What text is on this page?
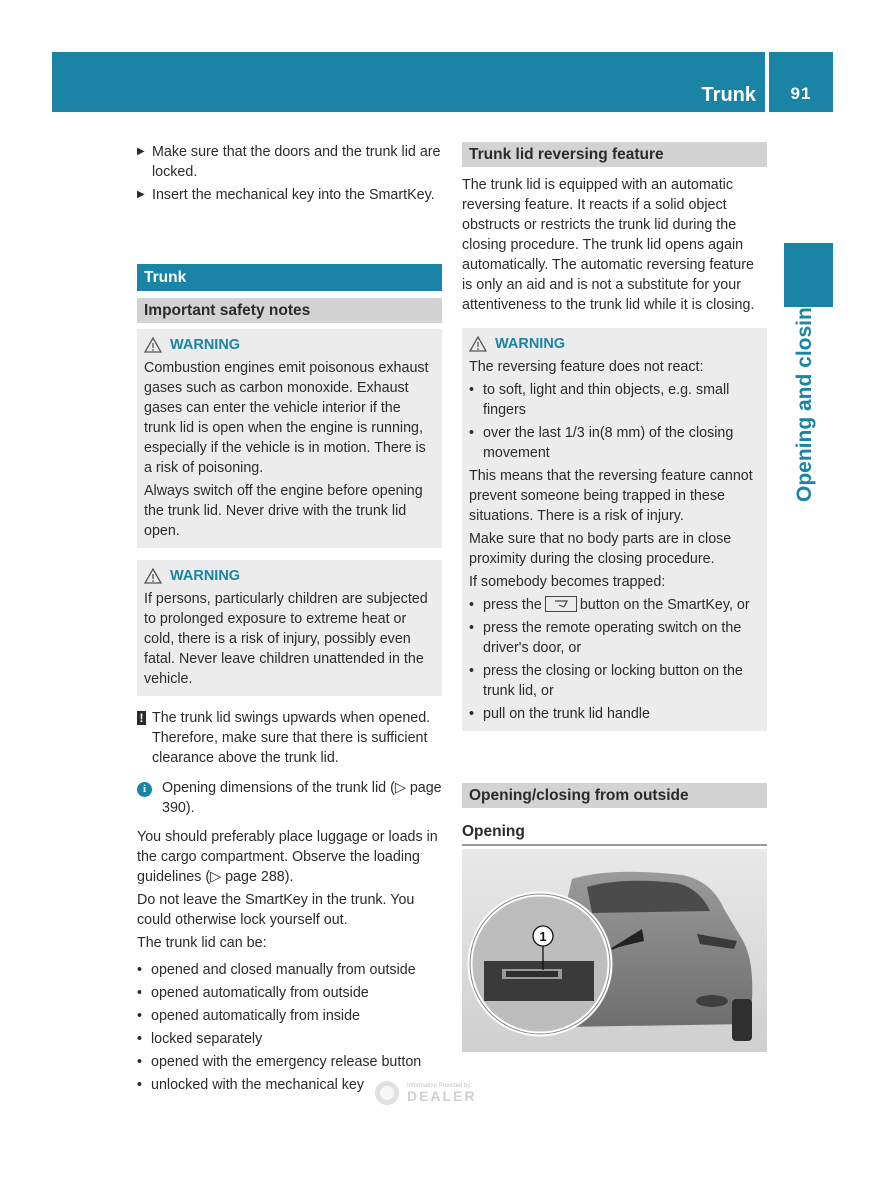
Trunk	91
Opening and closing
▶ Make sure that the doors and the trunk lid are locked.
▶ Insert the mechanical key into the SmartKey.
Trunk
Important safety notes
WARNING
Combustion engines emit poisonous exhaust gases such as carbon monoxide. Exhaust gases can enter the vehicle interior if the trunk lid is open when the engine is running, especially if the vehicle is in motion. There is a risk of poisoning.
Always switch off the engine before opening the trunk lid. Never drive with the trunk lid open.
WARNING
If persons, particularly children are subjected to prolonged exposure to extreme heat or cold, there is a risk of injury, possibly even fatal. Never leave children unattended in the vehicle.
! The trunk lid swings upwards when opened. Therefore, make sure that there is sufficient clearance above the trunk lid.
i	Opening dimensions of the trunk lid (▷ page 390).
You should preferably place luggage or loads in the cargo compartment. Observe the loading guidelines (▷ page 288).
Do not leave the SmartKey in the trunk. You could otherwise lock yourself out.
The trunk lid can be:
• opened and closed manually from outside
• opened automatically from outside
• opened automatically from inside
• locked separately
• opened with the emergency release button
• unlocked with the mechanical key
Trunk lid reversing feature
The trunk lid is equipped with an automatic reversing feature. It reacts if a solid object obstructs or restricts the trunk lid during the closing procedure. The trunk lid opens again automatically. The automatic reversing feature is only an aid and is not a substitute for your attentiveness to the trunk lid while it is closing.
WARNING
The reversing feature does not react:
• to soft, light and thin objects, e.g. small fingers
• over the last 1/3 in(8 mm) of the closing movement
This means that the reversing feature cannot prevent someone being trapped in these situations. There is a risk of injury.
Make sure that no body parts are in close proximity during the closing procedure.
If somebody becomes trapped:
• press the	button on the SmartKey, or
• press the remote operating switch on the driver's door, or
• press the closing or locking button on the trunk lid, or
• pull on the trunk lid handle
Opening/closing from outside
Opening
1
Information Provided by:
DEALER
